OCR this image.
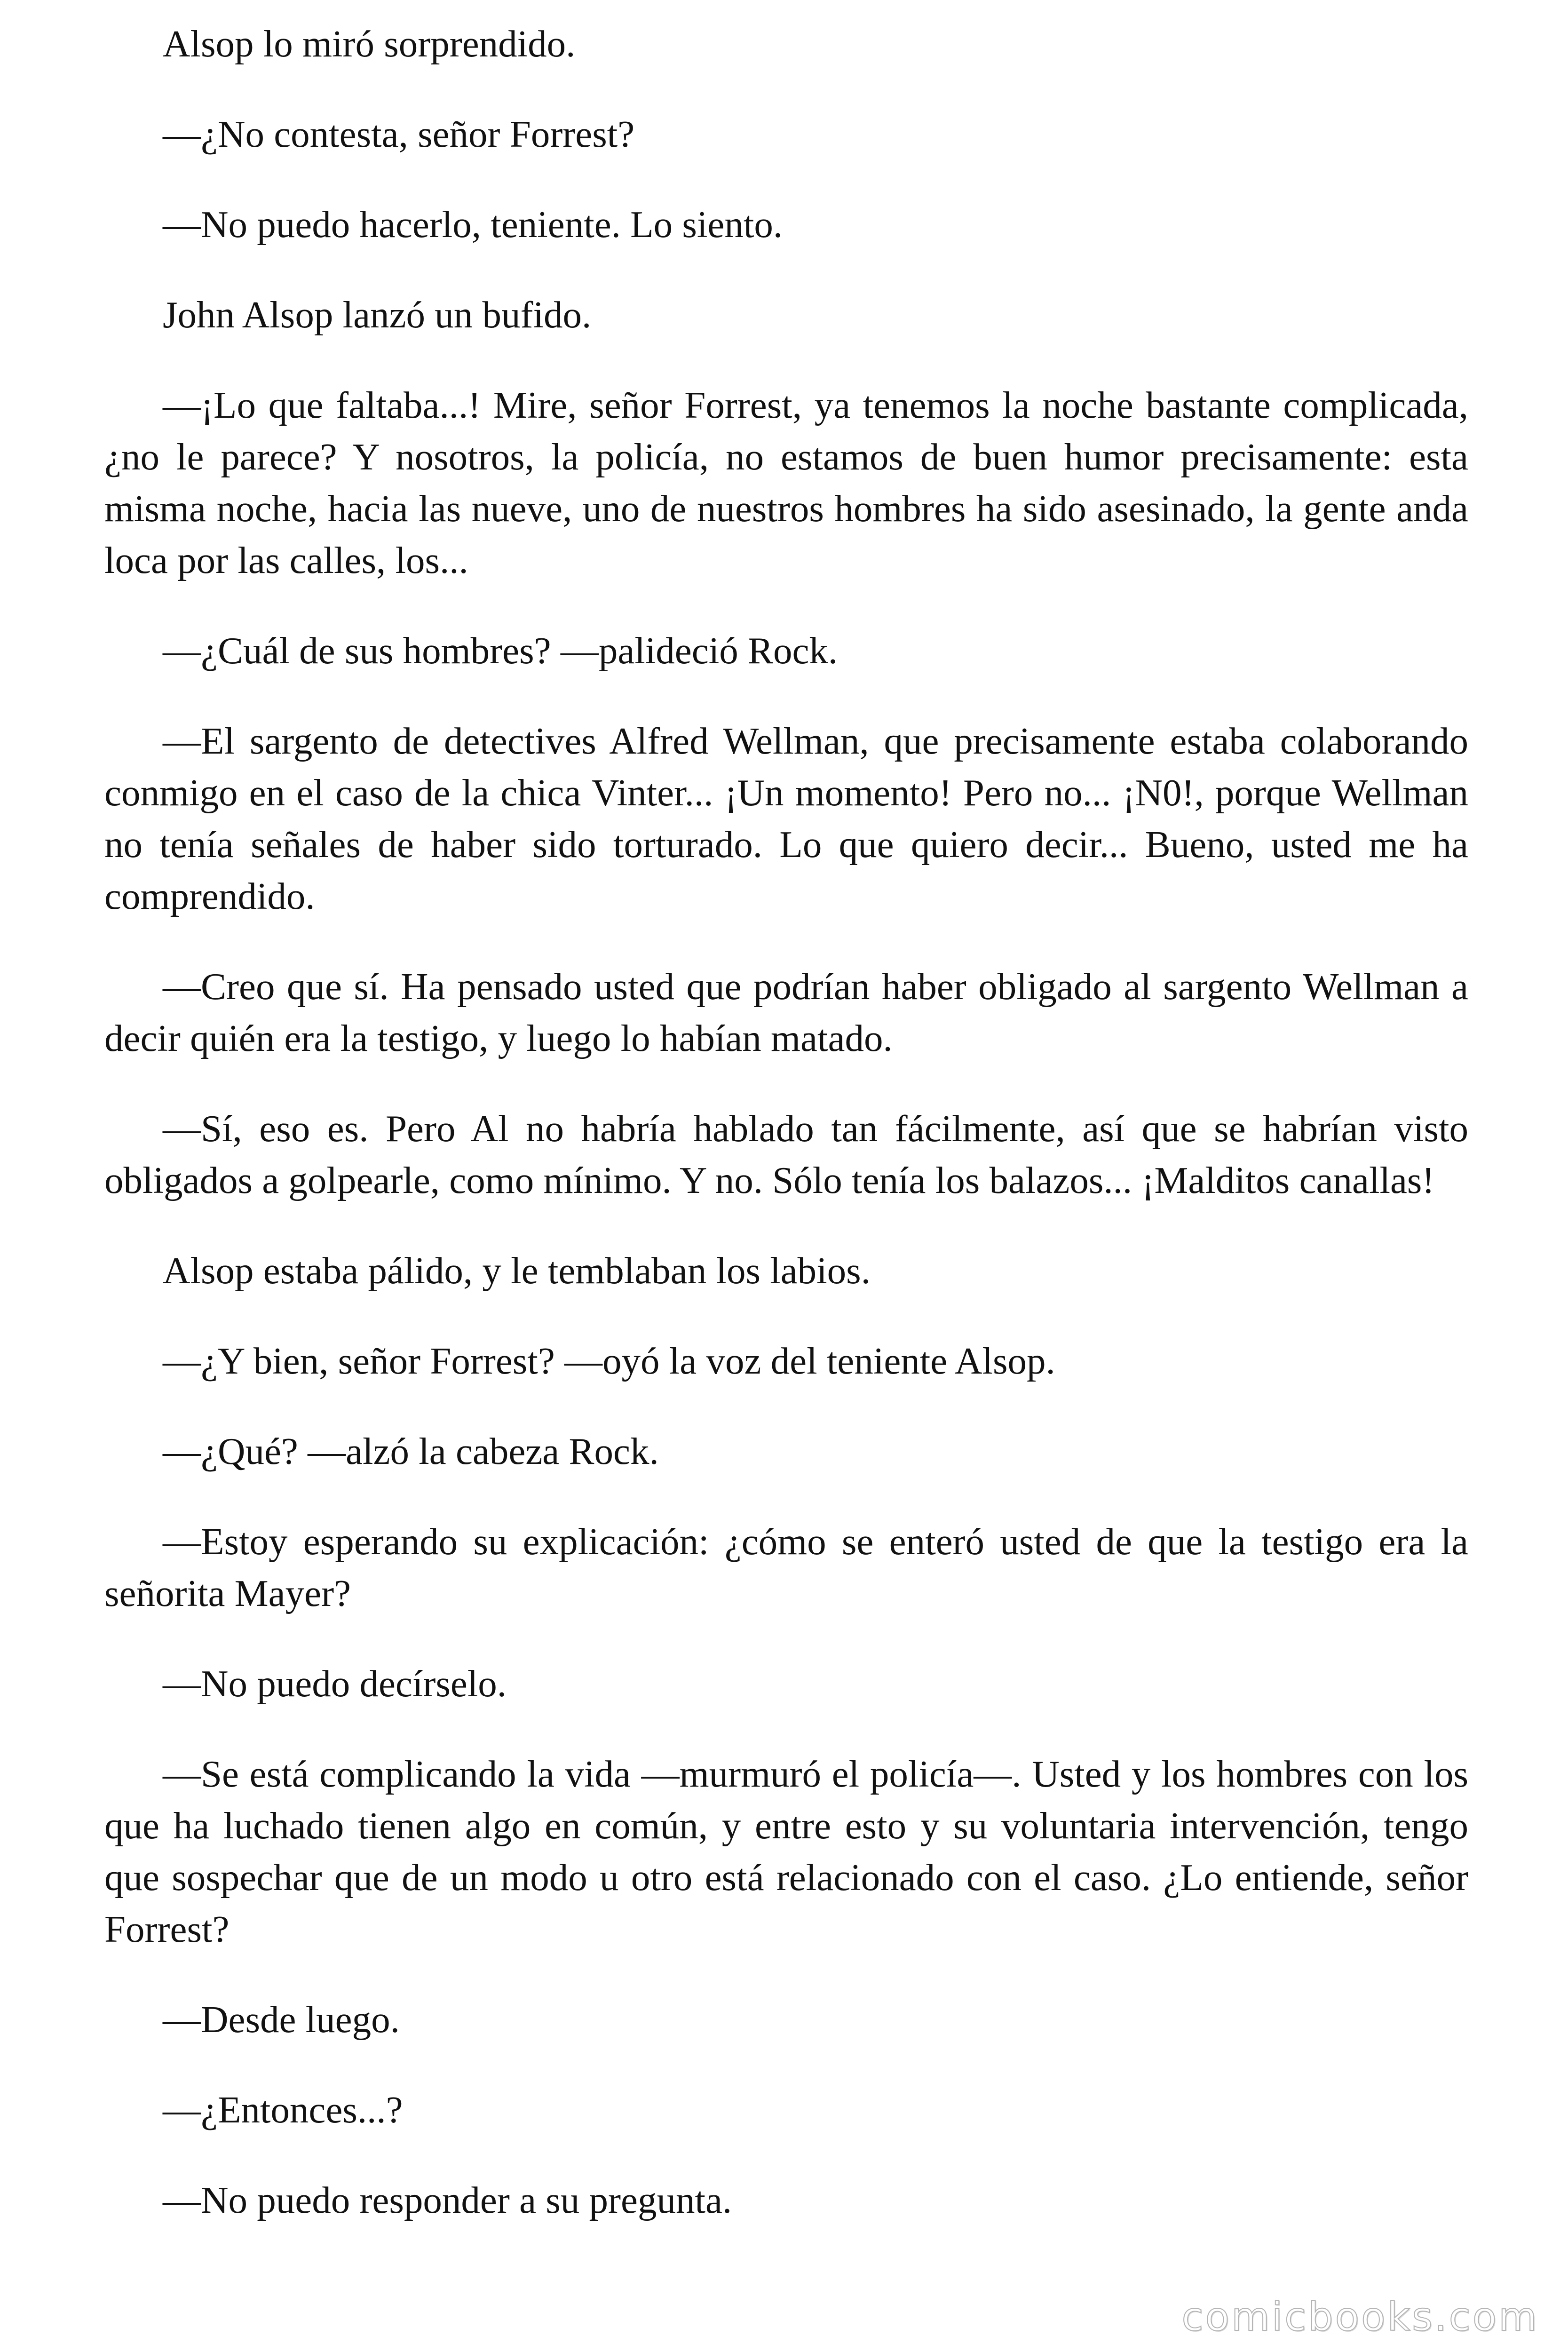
Alsop lo miró sorprendido.

—¿No contesta, señor Forrest?

—No puedo hacerlo, teniente. Lo siento.

John Alsop lanzó un bufido.

—¡Lo que faltaba...! Mire, señor Forrest, ya tenemos la noche bastante complicada, ¿no le parece? Y nosotros, la policía, no estamos de buen humor precisamente: esta misma noche, hacia las nueve, uno de nuestros hombres ha sido asesinado, la gente anda loca por las calles, los...

—¿Cuál de sus hombres? —palideció Rock.

—El sargento de detectives Alfred Wellman, que precisamente estaba colaborando conmigo en el caso de la chica Vinter... ¡Un momento! Pero no... ¡N0!, porque Wellman no tenía señales de haber sido torturado. Lo que quiero decir... Bueno, usted me ha comprendido.

—Creo que sí. Ha pensado usted que podrían haber obligado al sargento Wellman a decir quién era la testigo, y luego lo habían matado.

—Sí, eso es. Pero Al no habría hablado tan fácilmente, así que se habrían visto obligados a golpearle, como mínimo. Y no. Sólo tenía los balazos... ¡Malditos canallas!

Alsop estaba pálido, y le temblaban los labios.

—¿Y bien, señor Forrest? —oyó la voz del teniente Alsop.

—¿Qué? —alzó la cabeza Rock.

—Estoy esperando su explicación: ¿cómo se enteró usted de que la testigo era la señorita Mayer?

—No puedo decírselo.

—Se está complicando la vida —murmuró el policía—. Usted y los hombres con los que ha luchado tienen algo en común, y entre esto y su voluntaria intervención, tengo que sospechar que de un modo u otro está relacionado con el caso. ¿Lo entiende, señor Forrest?

—Desde luego.

—¿Entonces...?

—No puedo responder a su pregunta.

comicbooks.com
